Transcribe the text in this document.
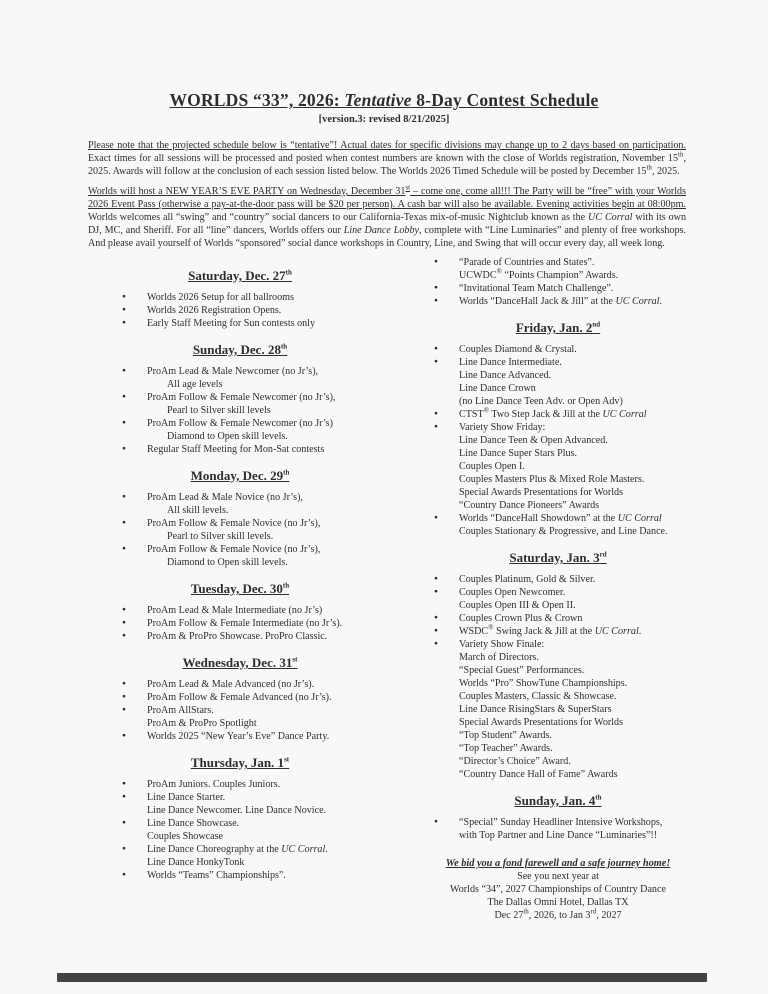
WORLDS “33”, 2026: Tentative 8-Day Contest Schedule
[version.3: revised 8/21/2025]
Please note that the projected schedule below is “tentative”! Actual dates for specific divisions may change up to 2 days based on participation. Exact times for all sessions will be processed and posted when contest numbers are known with the close of Worlds registration, November 15th, 2025. Awards will follow at the conclusion of each session listed below. The Worlds 2026 Timed Schedule will be posted by December 15th, 2025.
Worlds will host a NEW YEAR’S EVE PARTY on Wednesday, December 31st – come one, come all!!! The Party will be “free” with your Worlds 2026 Event Pass (otherwise a pay-at-the-door pass will be $20 per person). A cash bar will also be available. Evening activities begin at 08:00pm. Worlds welcomes all “swing” and “country” social dancers to our California-Texas mix-of-music Nightclub known as the UC Corral with its own DJ, MC, and Sheriff. For all “line” dancers, Worlds offers our Line Dance Lobby, complete with “Line Luminaries” and plenty of free workshops. And please avail yourself of Worlds “sponsored” social dance workshops in Country, Line, and Swing that will occur every day, all week long.
Saturday, Dec. 27th
● Worlds 2026 Setup for all ballrooms
● Worlds 2026 Registration Opens.
● Early Staff Meeting for Sun contests only
Sunday, Dec. 28th
● ProAm Lead & Male Newcomer (no Jr’s),
All age levels
● ProAm Follow & Female Newcomer (no Jr’s),
Pearl to Silver skill levels
● ProAm Follow & Female Newcomer (no Jr’s)
Diamond to Open skill levels.
● Regular Staff Meeting for Mon-Sat contests
Monday, Dec. 29th
● ProAm Lead & Male Novice (no Jr’s),
All skill levels.
● ProAm Follow & Female Novice (no Jr’s),
Pearl to Silver skill levels.
● ProAm Follow & Female Novice (no Jr’s),
Diamond to Open skill levels.
Tuesday, Dec. 30th
● ProAm Lead & Male Intermediate (no Jr’s)
● ProAm Follow & Female Intermediate (no Jr’s).
● ProAm & ProPro Showcase. ProPro Classic.
Wednesday, Dec. 31st
● ProAm Lead & Male Advanced (no Jr’s).
● ProAm Follow & Female Advanced (no Jr’s).
● ProAm AllStars.
ProAm & ProPro Spotlight
● Worlds 2025 “New Year’s Eve” Dance Party.
Thursday, Jan. 1st
● ProAm Juniors. Couples Juniors.
● Line Dance Starter.
Line Dance Newcomer. Line Dance Novice.
● Line Dance Showcase.
Couples Showcase
● Line Dance Choreography at the UC Corral.
Line Dance HonkyTonk
● Worlds “Teams” Championships”.
● “Parade of Countries and States”.
UCWDC® “Points Champion” Awards.
● “Invitational Team Match Challenge”.
● Worlds “DanceHall Jack & Jill” at the UC Corral.
Friday, Jan. 2nd
● Couples Diamond & Crystal.
● Line Dance Intermediate.
Line Dance Advanced.
Line Dance Crown
(no Line Dance Teen Adv. or Open Adv)
● CTST® Two Step Jack & Jill at the UC Corral
● Variety Show Friday:
Line Dance Teen & Open Advanced.
Line Dance Super Stars Plus.
Couples Open I.
Couples Masters Plus & Mixed Role Masters.
Special Awards Presentations for Worlds
“Country Dance Pioneers” Awards
● Worlds “DanceHall Showdown” at the UC Corral
Couples Stationary & Progressive, and Line Dance.
Saturday, Jan. 3rd
● Couples Platinum, Gold & Silver.
● Couples Open Newcomer.
Couples Open III & Open II.
● Couples Crown Plus & Crown
● WSDC® Swing Jack & Jill at the UC Corral.
● Variety Show Finale:
March of Directors.
“Special Guest” Performances.
Worlds “Pro” ShowTune Championships.
Couples Masters, Classic & Showcase.
Line Dance RisingStars & SuperStars
Special Awards Presentations for Worlds
“Top Student” Awards.
“Top Teacher” Awards.
“Director’s Choice” Award.
“Country Dance Hall of Fame” Awards
Sunday, Jan. 4th
● “Special” Sunday Headliner Intensive Workshops,
with Top Partner and Line Dance “Luminaries”!!
We bid you a fond farewell and a safe journey home!
See you next year at
Worlds “34”, 2027 Championships of Country Dance
The Dallas Omni Hotel, Dallas TX
Dec 27th, 2026, to Jan 3rd, 2027
